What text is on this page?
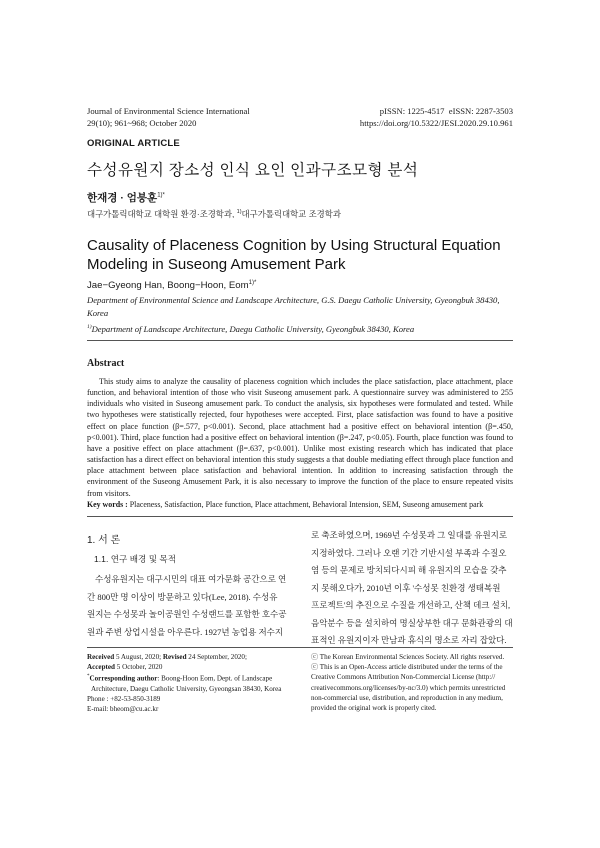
Journal of Environmental Science International
29(10); 961~968; October 2020
pISSN: 1225-4517  eISSN: 2287-3503
https://doi.org/10.5322/JESI.2020.29.10.961
ORIGINAL ARTICLE
수성유원지 장소성 인식 요인 인과구조모형 분석
한재경 · 엄붕훈$^{1)*}$
대구가톨릭대학교 대학원 환경·조경학과, $^{1)}$대구가톨릭대학교 조경학과
Causality of Placeness Cognition by Using Structural Equation Modeling in Suseong Amusement Park
Jae−Gyeong Han, Boong−Hoon, Eom$^{1)*}$
Department of Environmental Science and Landscape Architecture, G.S. Daegu Catholic University, Gyeongbuk 38430, Korea
$^{1)}$Department of Landscape Architecture, Daegu Catholic University, Gyeongbuk 38430, Korea
Abstract
This study aims to analyze the causality of placeness cognition which includes the place satisfaction, place attachment, place function, and behavioral intention of those who visit Suseong amusement park. A questionnaire survey was administered to 255 individuals who visited in Suseong amusement park. To conduct the analysis, six hypotheses were formulated and tested. While two hypotheses were statistically rejected, four hypotheses were accepted. First, place satisfaction was found to have a positive effect on place function (β=.577, p<0.001). Second, place attachment had a positive effect on behavioral intention (β=.450, p<0.001). Third, place function had a positive effect on behavioral intention (β=.247, p<0.05). Fourth, place function was found to have a positive effect on place attachment (β=.637, p<0.001). Unlike most existing research which has indicated that place satisfaction has a direct effect on behavioral intention this study suggests a that double mediating effect through place function and place attachment between place satisfaction and behavioral intention. In addition to increasing satisfaction through the environment of the Suseong Amusement Park, it is also necessary to improve the function of the place to ensure repeated visits from visitors.
Key words : Placeness, Satisfaction, Place function, Place attachment, Behavioral Intension, SEM, Suseong amusement park
1. 서 론
1.1. 연구 배경 및 목적
수성유원지는 대구시민의 대표 여가문화 공간으로 연
간 800만 명 이상이 방문하고 있다(Lee, 2018). 수성유
원지는 수성못과 놀이공원인 수성랜드를 포함한 호수공
원과 주변 상업시설을 아우른다. 1927년 농업용 저수지
로 축조하였으며, 1969년 수성못과 그 일대를 유원지로
지정하였다. 그러나 오랜 기간 기반시설 부족과 수질오
염 등의 문제로 방치되다시피 해 유원지의 모습을 갖추
지 못해오다가, 2010년 이후 '수성못 친환경 생태복원
프로젝트'의 추진으로 수질을 개선하고, 산책 데크 설치,
음악분수 등을 설치하여 명실상부한 대구 문화관광의 대
표적인 유원지이자 만남과 휴식의 명소로 자리 잡았다.
Received 5 August, 2020; Revised 24 September, 2020;
Accepted 5 October, 2020
*Corresponding author: Boong-Hoon Eom, Dept. of Landscape
Architecture, Daegu Catholic University, Gyeongsan 38430, Korea
Phone : +82-53-850-3189
E-mail: bheom@cu.ac.kr
ⓒ The Korean Environmental Sciences Society. All rights reserved.
ⓒ This is an Open-Access article distributed under the terms of the
Creative Commons Attribution Non-Commercial License (http://
creativecommons.org/licenses/by-nc/3.0) which permits unrestricted
non-commercial use, distribution, and reproduction in any medium,
provided the original work is properly cited.
